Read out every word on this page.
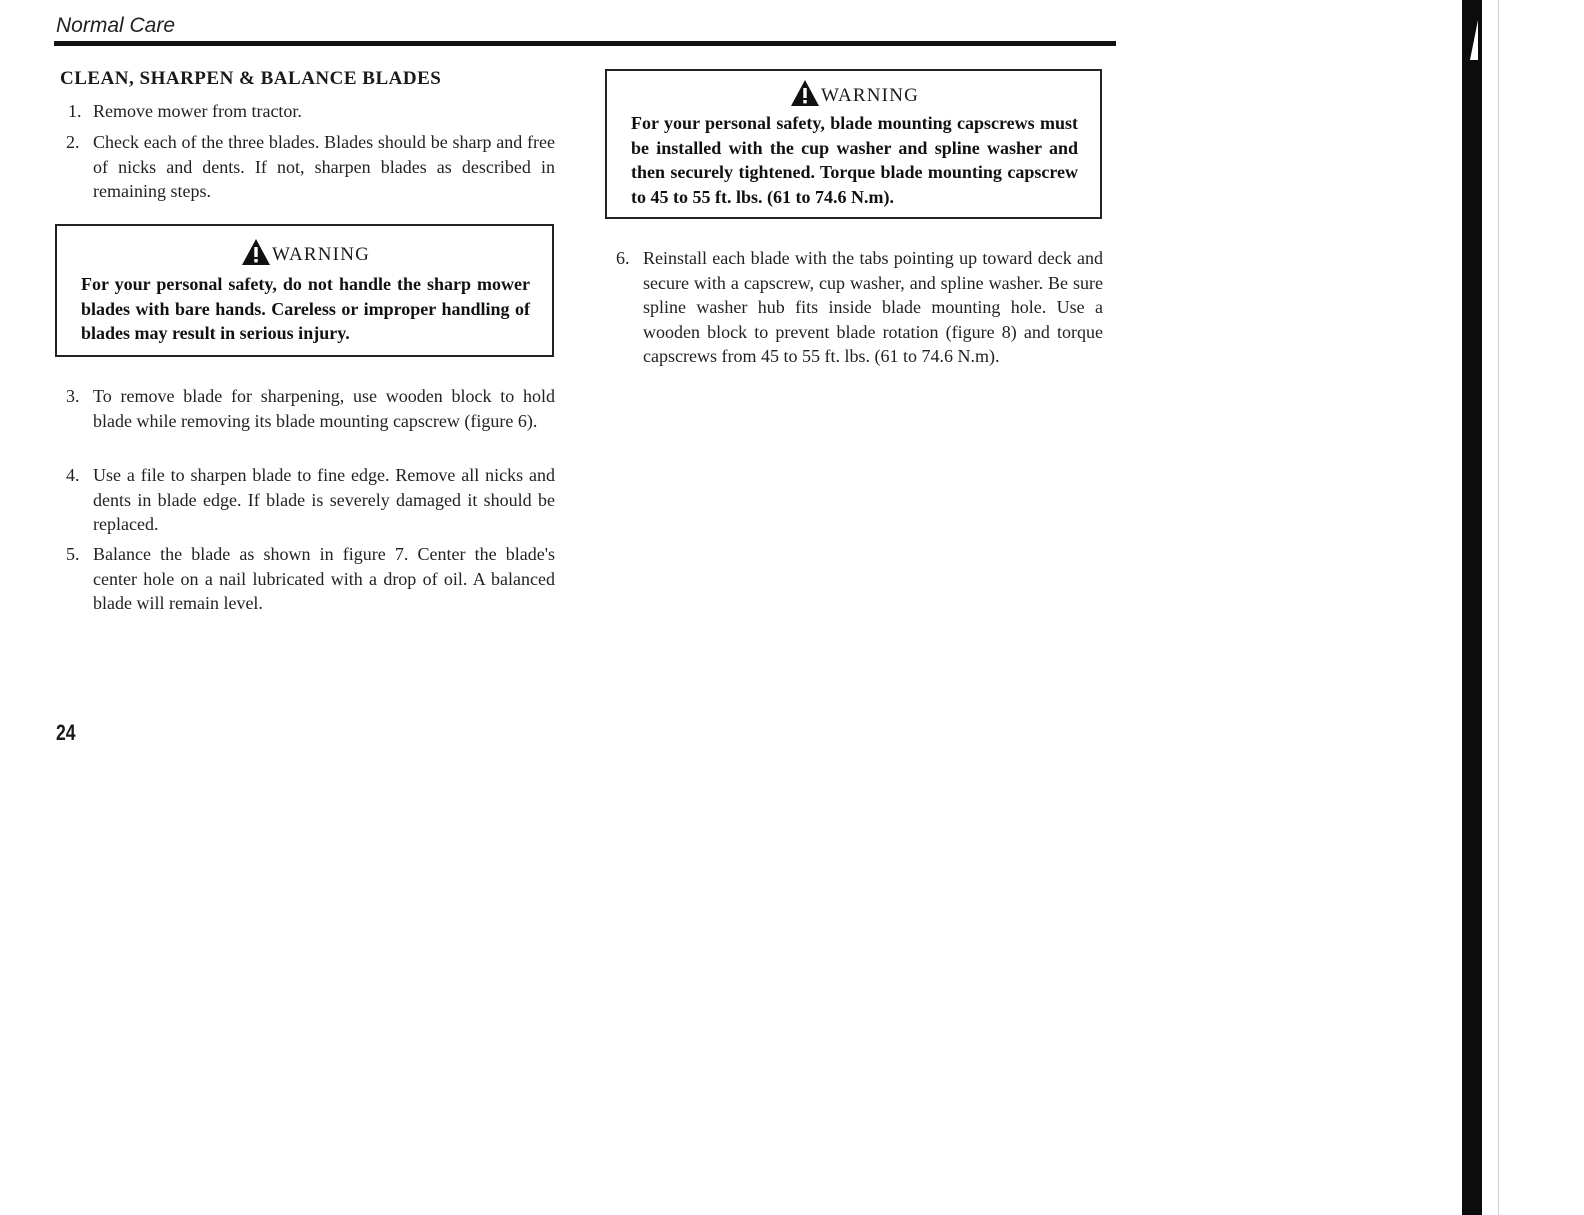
Normal Care
CLEAN, SHARPEN & BALANCE BLADES
1. Remove mower from tractor.
2. Check each of the three blades. Blades should be sharp and free of nicks and dents. If not, sharpen blades as described in remaining steps.
WARNING
For your personal safety, do not handle the sharp mower blades with bare hands. Careless or improper handling of blades may result in serious injury.
3. To remove blade for sharpening, use wooden block to hold blade while removing its blade mounting capscrew (figure 6).
4. Use a file to sharpen blade to fine edge. Remove all nicks and dents in blade edge. If blade is severely damaged it should be replaced.
5. Balance the blade as shown in figure 7. Center the blade's center hole on a nail lubricated with a drop of oil. A balanced blade will remain level.
WARNING
For your personal safety, blade mounting capscrews must be installed with the cup washer and spline washer and then securely tightened. Torque blade mounting capscrew to 45 to 55 ft. lbs. (61 to 74.6 N.m).
6. Reinstall each blade with the tabs pointing up toward deck and secure with a capscrew, cup washer, and spline washer. Be sure spline washer hub fits inside blade mounting hole. Use a wooden block to prevent blade rotation (figure 8) and torque capscrews from 45 to 55 ft. lbs. (61 to 74.6 N.m).
24
